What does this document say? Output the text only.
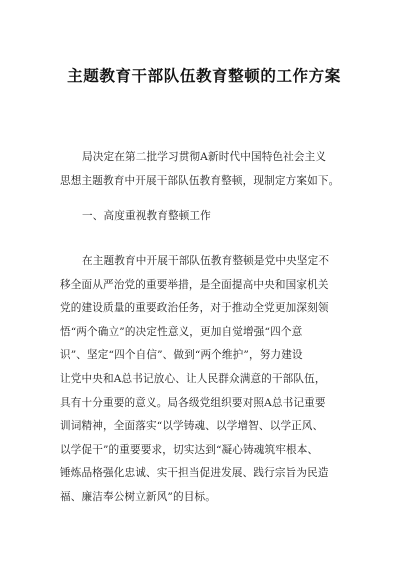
主题教育干部队伍教育整顿的工作方案
局决定在第二批学习贯彻A新时代中国特色社会主义
思想主题教育中开展干部队伍教育整顿，现制定方案如下。
一、高度重视教育整顿工作
在主题教育中开展干部队伍教育整顿是党中央坚定不
移全面从严治党的重要举措，是全面提高中央和国家机关
党的建设质量的重要政治任务，对于推动全党更加深刻领
悟“两个确立”的决定性意义，更加自觉增强“四个意
识”、坚定“四个自信”、做到“两个维护”，努力建设
让党中央和A总书记放心、让人民群众满意的干部队伍，
具有十分重要的意义。局各级党组织要对照A总书记重要
训词精神，全面落实“以学铸魂、以学增智、以学正风、
以学促干”的重要要求，切实达到“凝心铸魂筑牢根本、
锤炼品格强化忠诚、实干担当促进发展、践行宗旨为民造
福、廉洁奉公树立新风”的目标。
